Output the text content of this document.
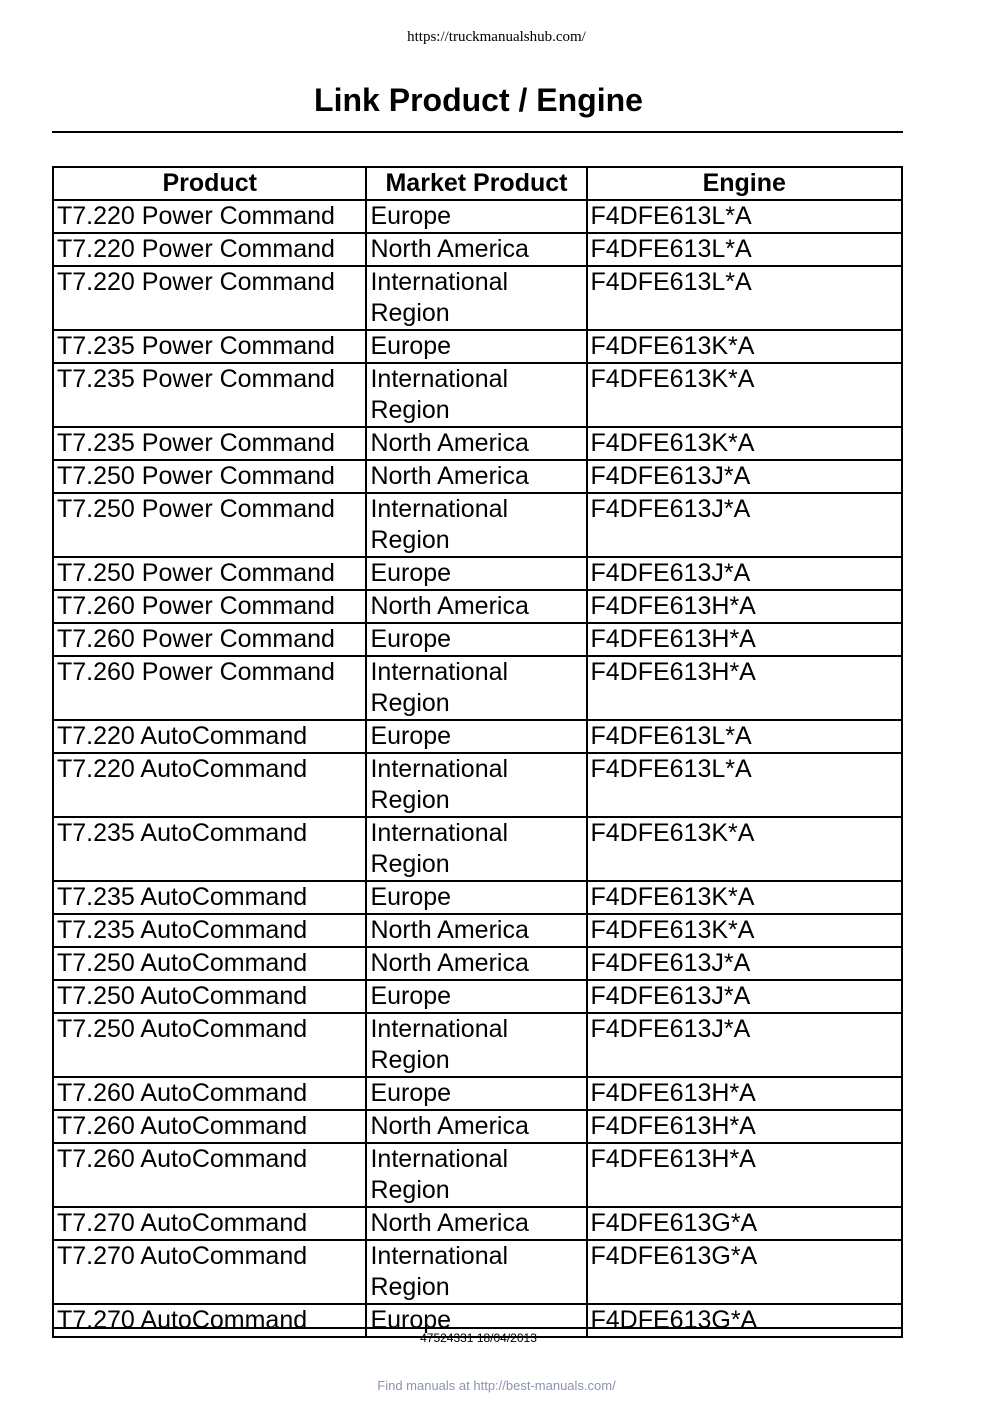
https://truckmanualshub.com/
Link Product / Engine
Product	Market Product	Engine
T7.220 Power Command	Europe	F4DFE613L*A
T7.220 Power Command	North America	F4DFE613L*A
T7.220 Power Command	International Region	F4DFE613L*A
T7.235 Power Command	Europe	F4DFE613K*A
T7.235 Power Command	International Region	F4DFE613K*A
T7.235 Power Command	North America	F4DFE613K*A
T7.250 Power Command	North America	F4DFE613J*A
T7.250 Power Command	International Region	F4DFE613J*A
T7.250 Power Command	Europe	F4DFE613J*A
T7.260 Power Command	North America	F4DFE613H*A
T7.260 Power Command	Europe	F4DFE613H*A
T7.260 Power Command	International Region	F4DFE613H*A
T7.220 AutoCommand	Europe	F4DFE613L*A
T7.220 AutoCommand	International Region	F4DFE613L*A
T7.235 AutoCommand	International Region	F4DFE613K*A
T7.235 AutoCommand	Europe	F4DFE613K*A
T7.235 AutoCommand	North America	F4DFE613K*A
T7.250 AutoCommand	North America	F4DFE613J*A
T7.250 AutoCommand	Europe	F4DFE613J*A
T7.250 AutoCommand	International Region	F4DFE613J*A
T7.260 AutoCommand	Europe	F4DFE613H*A
T7.260 AutoCommand	North America	F4DFE613H*A
T7.260 AutoCommand	International Region	F4DFE613H*A
T7.270 AutoCommand	North America	F4DFE613G*A
T7.270 AutoCommand	International Region	F4DFE613G*A
T7.270 AutoCommand	Europe	F4DFE613G*A
47524331 18/04/2013
Find manuals at http://best-manuals.com/
